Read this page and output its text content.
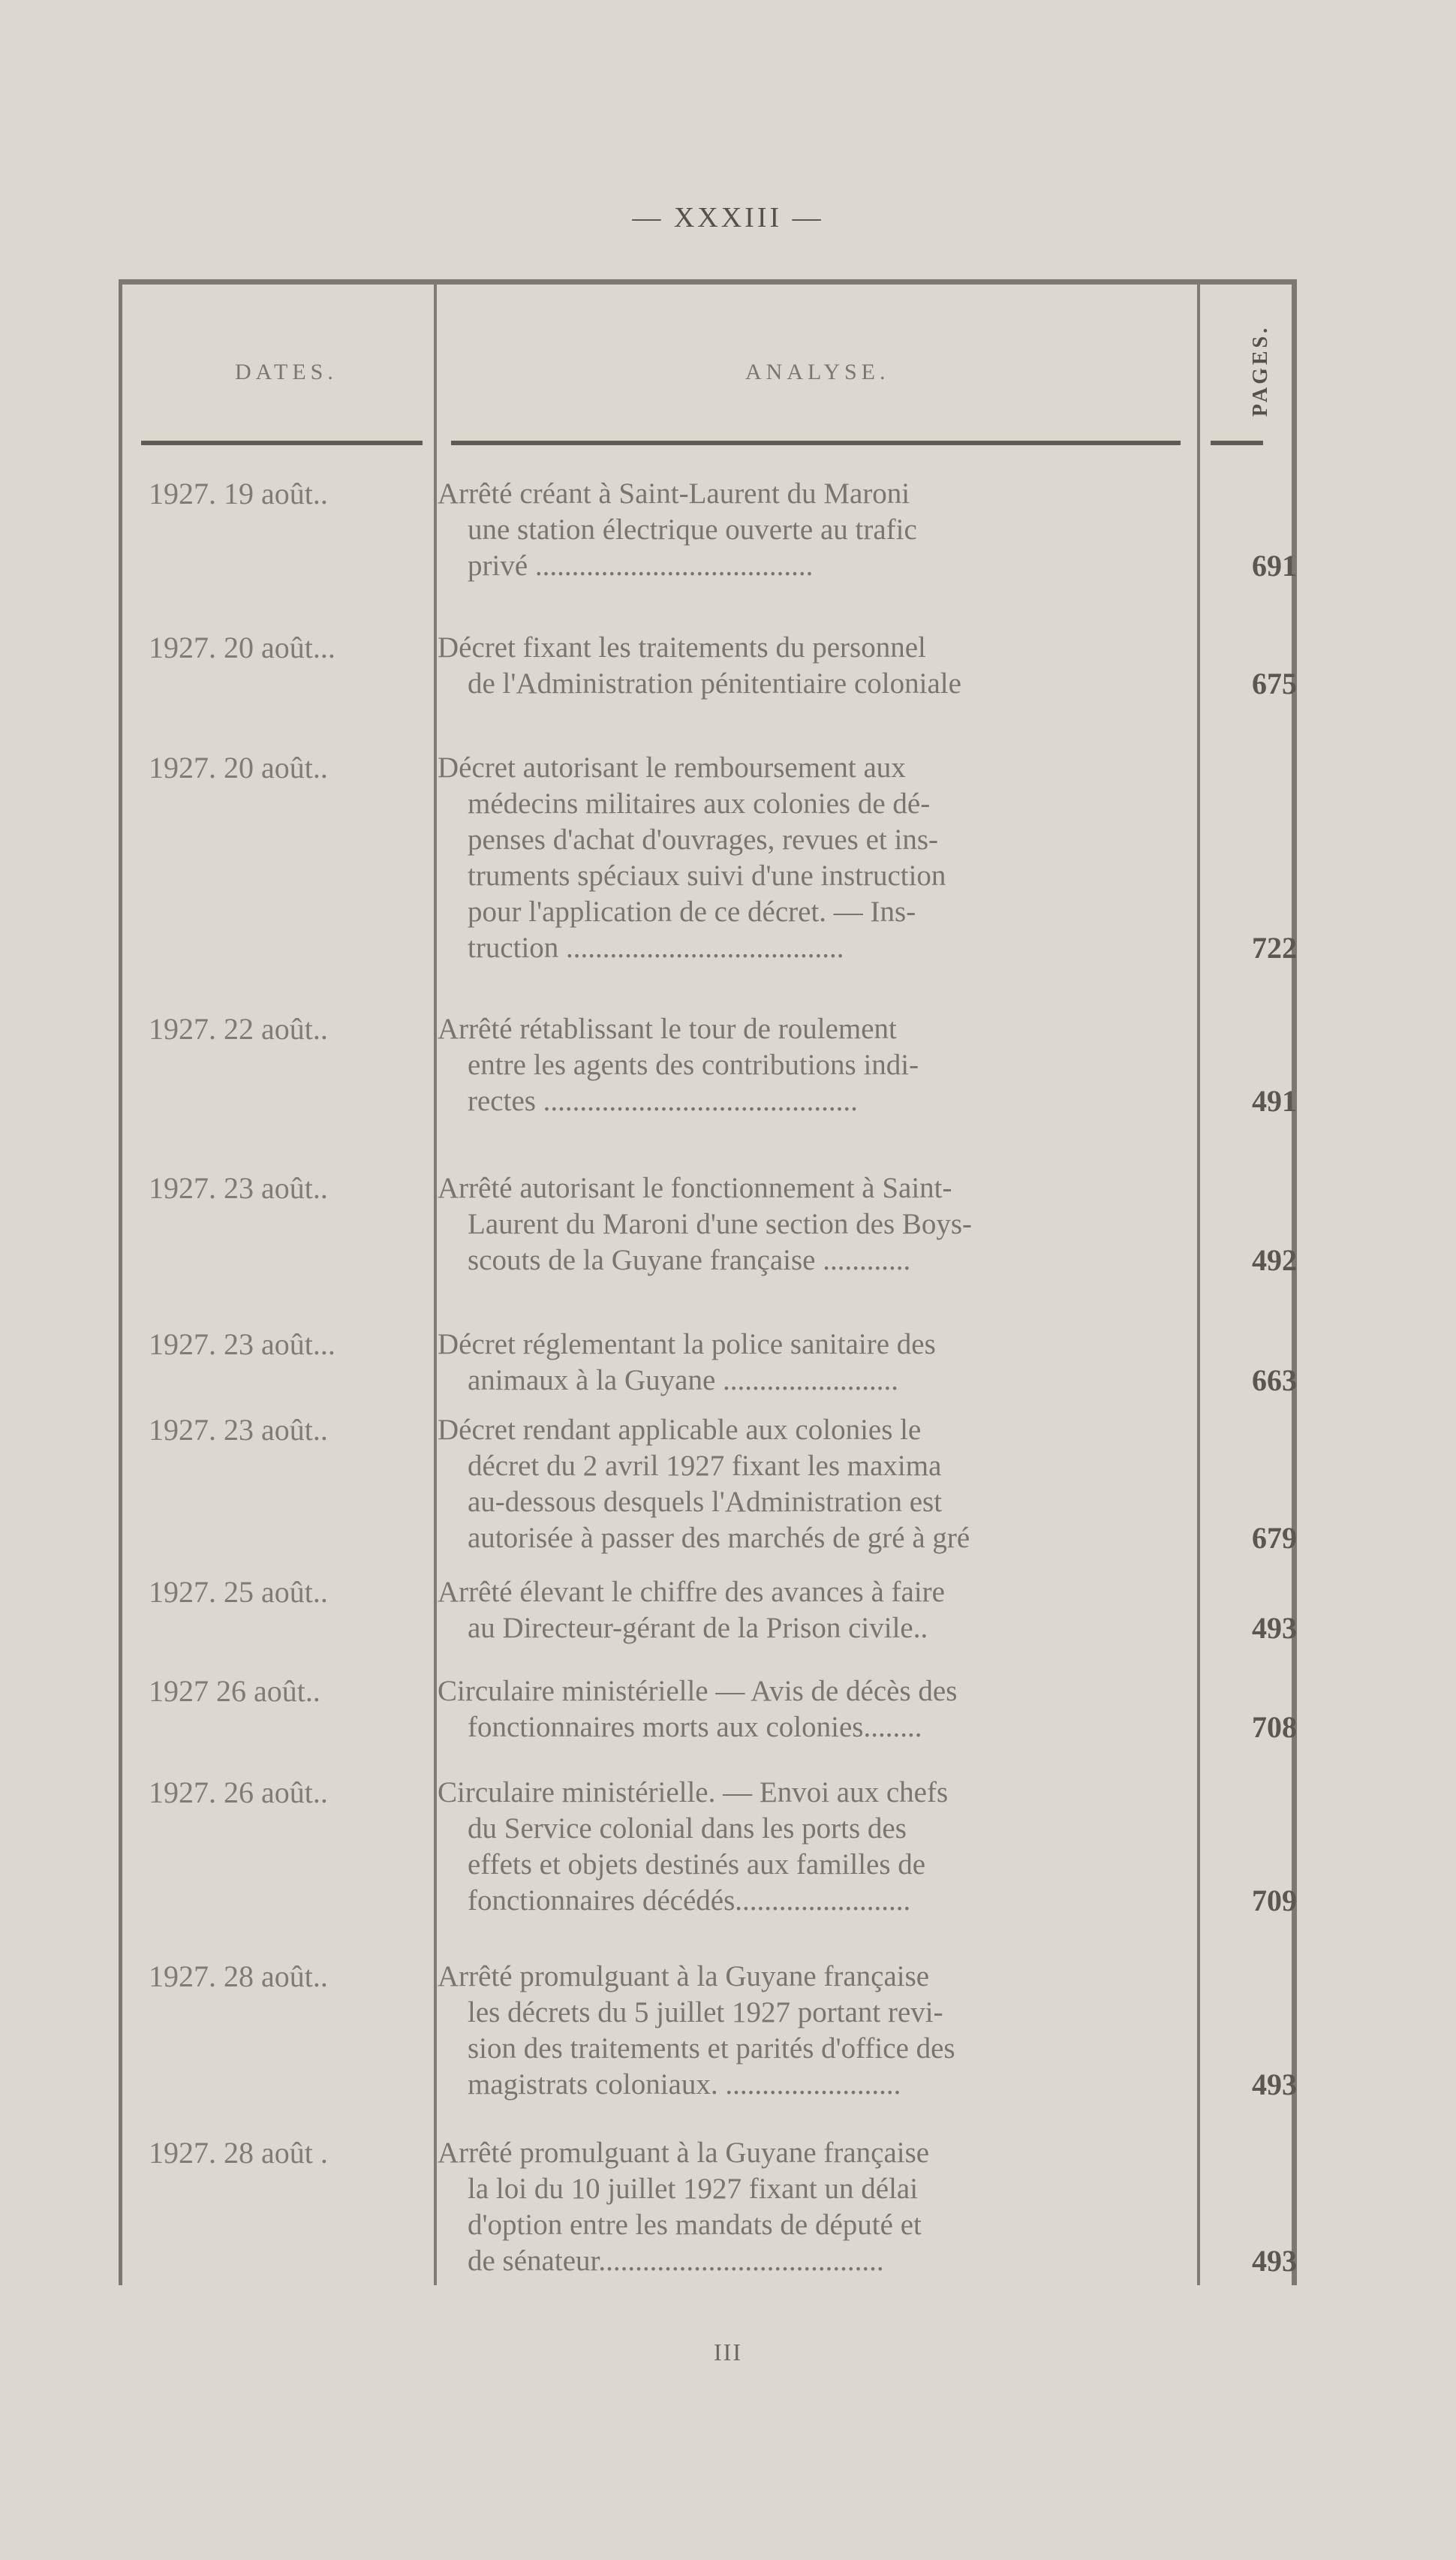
— XXXIII —
DATES.	ANALYSE.	PAGES.
1927. 19 août..	Arrêté créant à Saint-Laurent du Maroni
une station électrique ouverte au trafic
privé ......................................	691
1927. 20 août...	Décret fixant les traitements du personnel
de l'Administration pénitentiaire coloniale	675
1927. 20 août..	Décret autorisant le remboursement aux
médecins militaires aux colonies de dé-
penses d'achat d'ouvrages, revues et ins-
truments spéciaux suivi d'une instruction
pour l'application de ce décret. — Ins-
truction ......................................	722
1927. 22 août..	Arrêté rétablissant le tour de roulement
entre les agents des contributions indi-
rectes ...........................................	491
1927. 23 août..	Arrêté autorisant le fonctionnement à Saint-
Laurent du Maroni d'une section des Boys-
scouts de la Guyane française ............	492
1927. 23 août...	Décret réglementant la police sanitaire des
animaux à la Guyane ........................	663
1927. 23 août..	Décret rendant applicable aux colonies le
décret du 2 avril 1927 fixant les maxima
au-dessous desquels l'Administration est
autorisée à passer des marchés de gré à gré	679
1927. 25 août..	Arrêté élevant le chiffre des avances à faire
au Directeur-gérant de la Prison civile..	493
1927 26 août..	Circulaire ministérielle — Avis de décès des
fonctionnaires morts aux colonies........	708
1927. 26 août..	Circulaire ministérielle. — Envoi aux chefs
du Service colonial dans les ports des
effets et objets destinés aux familles de
fonctionnaires décédés........................	709
1927. 28 août..	Arrêté promulguant à la Guyane française
les décrets du 5 juillet 1927 portant revi-
sion des traitements et parités d'office des
magistrats coloniaux. ........................	493
1927. 28 août .	Arrêté promulguant à la Guyane française
la loi du 10 juillet 1927 fixant un délai
d'option entre les mandats de député et
de sénateur.......................................	493
III
